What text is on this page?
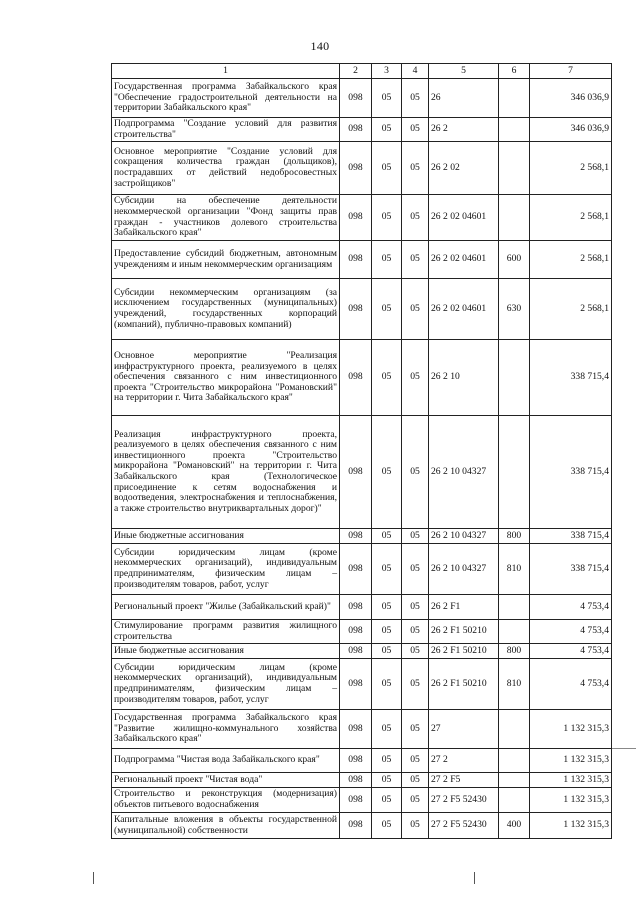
140
1	2	3	4	5	6	7
Государственная программа Забайкальского края "Обеспечение градостроительной деятельности на территории Забайкальского края"	098	05	05	26		346 036,9
Подпрограмма "Создание условий для развития строительства"	098	05	05	26 2		346 036,9
Основное мероприятие "Создание условий для сокращения количества граждан (дольщиков), пострадавших от действий недобросовестных застройщиков"	098	05	05	26 2 02		2 568,1
Субсидии на обеспечение деятельности некоммерческой организации "Фонд защиты прав граждан - участников долевого строительства Забайкальского края"	098	05	05	26 2 02 04601		2 568,1
Предоставление субсидий бюджетным, автономным учреждениям и иным некоммерческим организациям	098	05	05	26 2 02 04601	600	2 568,1
Субсидии некоммерческим организациям (за исключением государственных (муниципальных) учреждений, государственных корпораций (компаний), публично-правовых компаний)	098	05	05	26 2 02 04601	630	2 568,1
Основное мероприятие "Реализация инфраструктурного проекта, реализуемого в целях обеспечения связанного с ним инвестиционного проекта "Строительство микрорайона "Романовский" на территории г. Чита Забайкальского края"	098	05	05	26 2 10		338 715,4
Реализация инфраструктурного проекта, реализуемого в целях обеспечения связанного с ним инвестиционного проекта "Строительство микрорайона "Романовский" на территории г. Чита Забайкальского края (Технологическое присоединение к сетям водоснабжения и водоотведения, электроснабжения и теплоснабжения, а также строительство внутриквартальных дорог)"	098	05	05	26 2 10 04327		338 715,4
Иные бюджетные ассигнования	098	05	05	26 2 10 04327	800	338 715,4
Субсидии юридическим лицам (кроме некоммерческих организаций), индивидуальным предпринимателям, физическим лицам – производителям товаров, работ, услуг	098	05	05	26 2 10 04327	810	338 715,4
Региональный проект "Жилье (Забайкальский край)"	098	05	05	26 2 F1		4 753,4
Стимулирование программ развития жилищного строительства	098	05	05	26 2 F1 50210		4 753,4
Иные бюджетные ассигнования	098	05	05	26 2 F1 50210	800	4 753,4
Субсидии юридическим лицам (кроме некоммерческих организаций), индивидуальным предпринимателям, физическим лицам – производителям товаров, работ, услуг	098	05	05	26 2 F1 50210	810	4 753,4
Государственная программа Забайкальского края "Развитие жилищно-коммунального хозяйства Забайкальского края"	098	05	05	27		1 132 315,3
Подпрограмма "Чистая вода Забайкальского края"	098	05	05	27 2		1 132 315,3
Региональный проект "Чистая вода"	098	05	05	27 2 F5		1 132 315,3
Строительство и реконструкция (модернизация) объектов питьевого водоснабжения	098	05	05	27 2 F5 52430		1 132 315,3
Капитальные вложения в объекты государственной (муниципальной) собственности	098	05	05	27 2 F5 52430	400	1 132 315,3
